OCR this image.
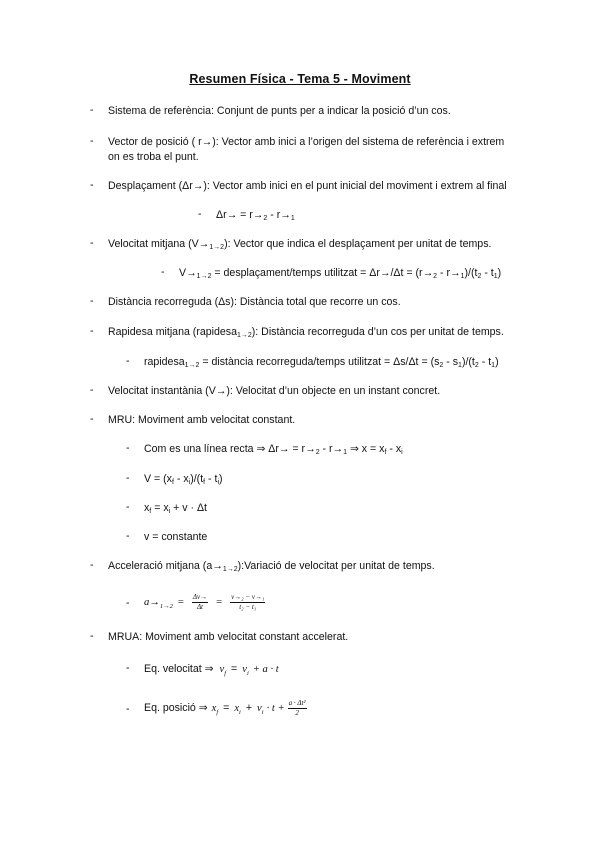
Resumen Física - Tema 5 - Moviment
-	Sistema de referència: Conjunt de punts per a indicar la posició d’un cos.
-	Vector de posició ( r→): Vector amb inici a l’origen del sistema de referència i extrem
on es troba el punt.
-	Desplaçament (Δr→): Vector amb inici en el punt inicial del moviment i extrem al final
-	$\Delta r\to = r\to_2 - r\to_1$
-	Velocitat mitjana $(V\to_{1\to 2})$: Vector que indica el desplaçament per unitat de temps.
-	$V\to_{1\to 2}$ = desplaçament/temps utilitzat = $\Delta r\to/\Delta t = (r\to_2 - r\to_1)/(t_2 - t_1)$
-	Distància recorreguda (Δs): Distància total que recorre un cos.
-	Rapidesa mitjana (rapidesa$_{1\to 2}$): Distància recorreguda d’un cos per unitat de temps.
-	rapidesa$_{1\to 2}$ = distància recorreguda/temps utilitzat = $\Delta s/\Delta t = (s_2 - s_1)/(t_2 - t_1)$
-	Velocitat instantània (V→): Velocitat d’un objecte en un instant concret.
-	MRU: Moviment amb velocitat constant.
-	Com es una línea recta ⇒ $\Delta r\to = r\to_2 - r\to_1$ ⇒ $x = x_f - x_i$
-	$V = (x_f - x_i)/(t_f - t_i)$
-	$x_f = x_i + v \cdot \Delta t$
-	v = constante
-	Acceleració mitjana $(a\to_{1\to 2}):Variació$ de velocitat per unitat de temps.
-	$a\to_{1\to 2} = \frac{\Delta v\to}{\Delta t} = \frac{\text{v→₂ − v→₁}}{\text{t₂ − t₁}}$
-	MRUA: Moviment amb velocitat constant accelerat.
-	Eq. velocitat ⇒ $v_f = v_i + a \cdot t$
-	Eq. posició ⇒ $x_f = x_i + v_i \cdot t + \frac{\text{a · Δt²}}{2}$
